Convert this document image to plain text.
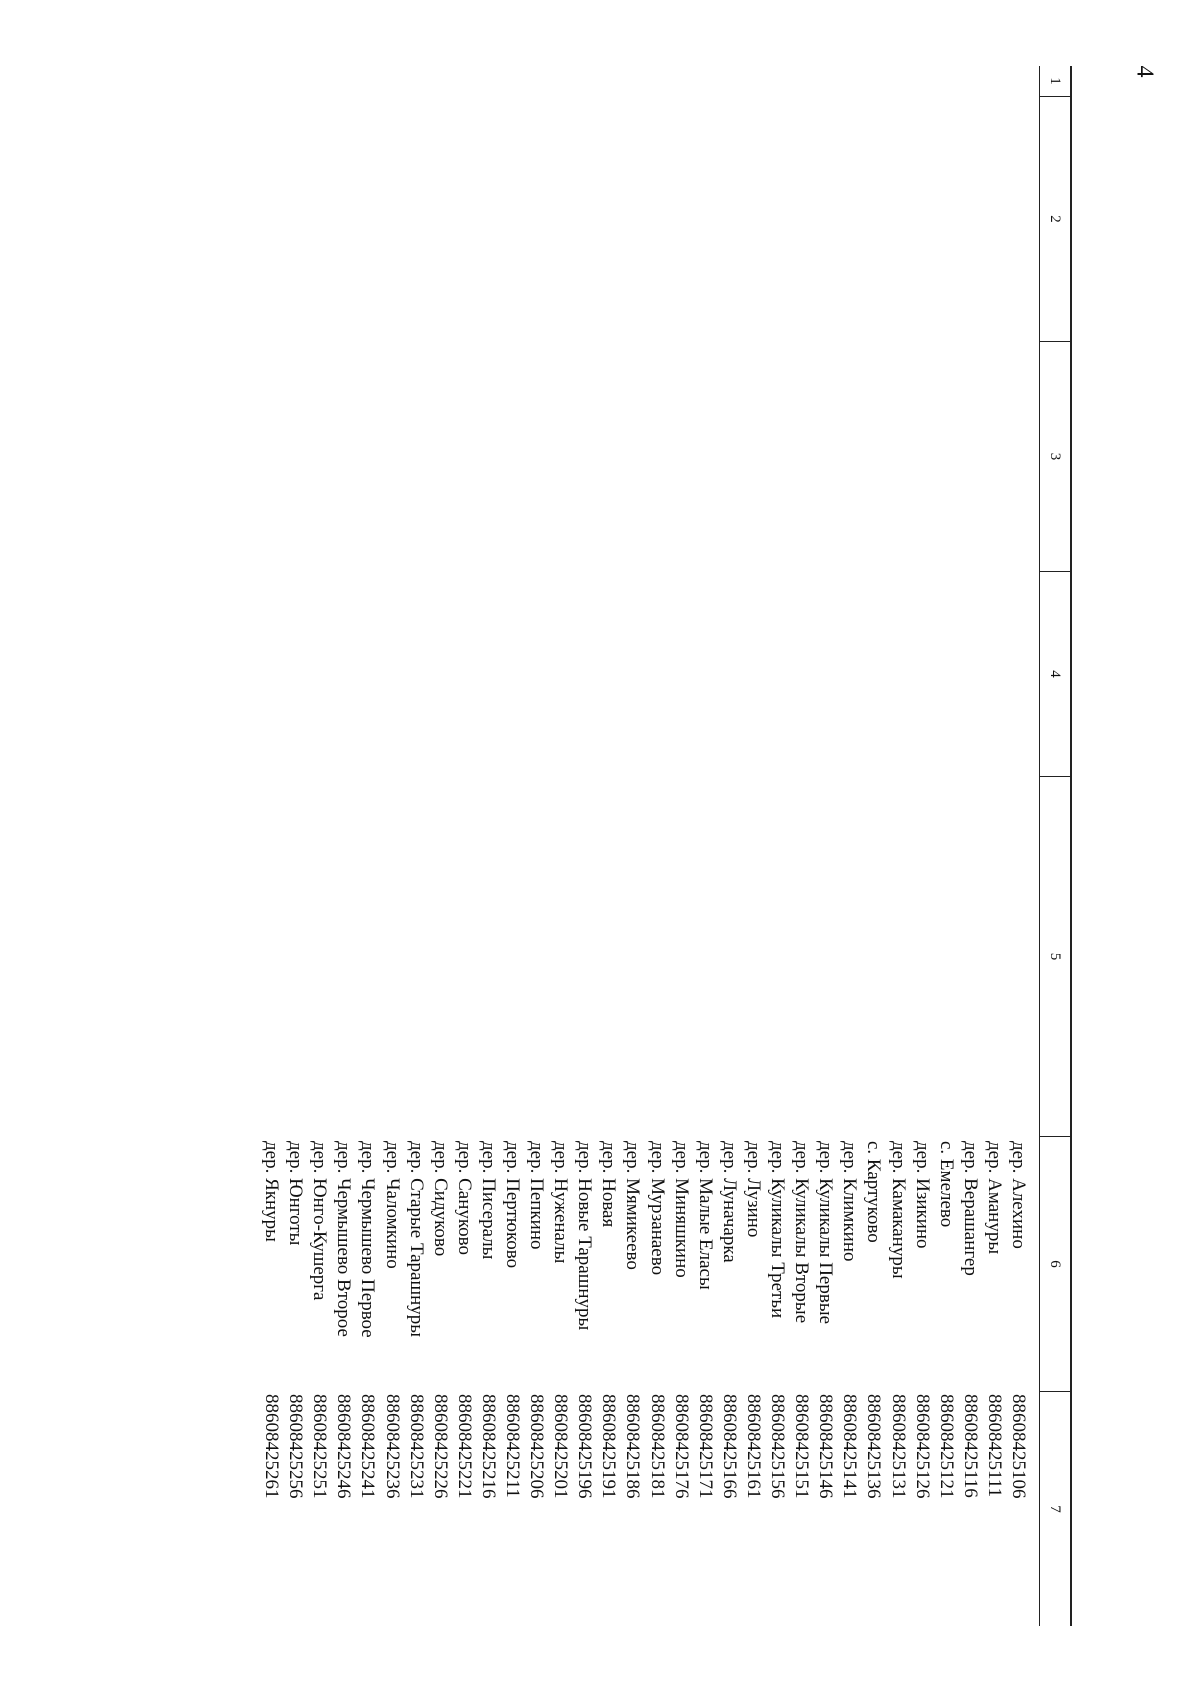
4
1
2
3
4
5
6
7
дер. Алехино
88608425106
дер. Аманyры
88608425111
дер. Верашангер
88608425116
с. Емелево
88608425121
дер. Изикино
88608425126
дер. Камакануры
88608425131
с. Картуково
88608425136
дер. Климкино
88608425141
дер. Куликалы Первые
88608425146
дер. Куликалы Вторые
88608425151
дер. Куликалы Третьи
88608425156
дер. Лузино
88608425161
дер. Луначарка
88608425166
дер. Малые Еласы
88608425171
дер. Миняшкино
88608425176
дер. Мурзанаево
88608425181
дер. Мямикеево
88608425186
дер. Новая
88608425191
дер. Новые Тарашнуры
88608425196
дер. Нуженалы
88608425201
дер. Пепкино
88608425206
дер. Пертюково
88608425211
дер. Писералы
88608425216
дер. Сануково
88608425221
дер. Сидуково
88608425226
дер. Старые Тарашнуры
88608425231
дер. Чаломкино
88608425236
дер. Чермышево Первое
88608425241
дер. Чермышево Второе
88608425246
дер. Юнго-Кушерга
88608425251
дер. Юнготы
88608425256
дер. Якнуры
88608425261
